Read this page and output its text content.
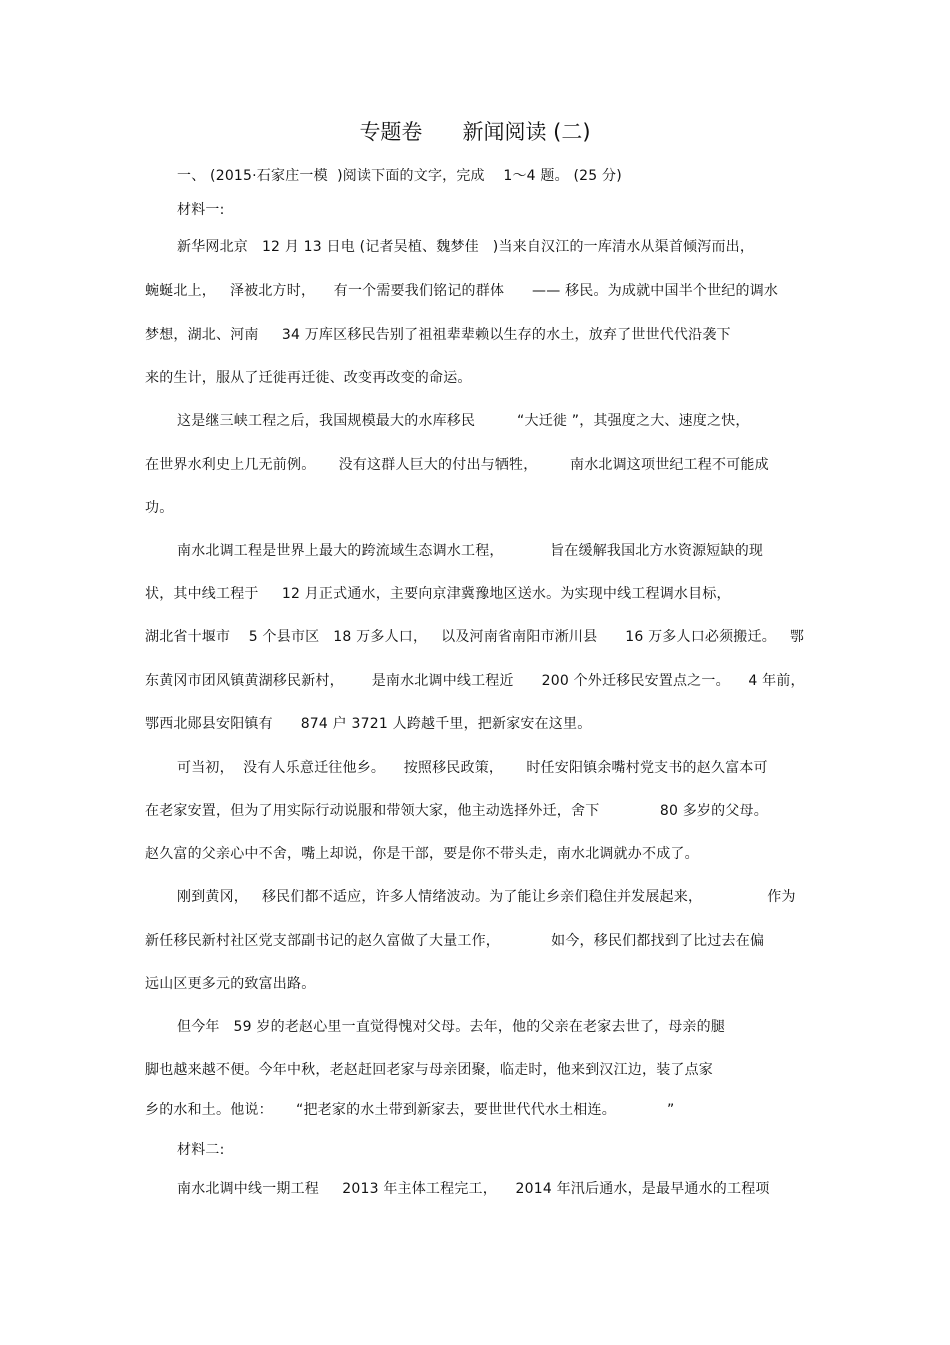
专题卷      新闻阅读 (二)
一、 (2015·石家庄一模  )阅读下面的文字，完成    1～4 题。 (25 分)
材料一:
新华网北京   12 月 13 日电 (记者吴植、魏梦佳   )当来自汉江的一库清水从渠首倾泻而出，
蜿蜒北上，   泽被北方时，    有一个需要我们铭记的群体      —— 移民。为成就中国半个世纪的调水
梦想，湖北、河南     34 万库区移民告别了祖祖辈辈赖以生存的水土，放弃了世世代代沿袭下
来的生计，服从了迁徙再迁徙、改变再改变的命运。
这是继三峡工程之后，我国规模最大的水库移民         “大迁徙 ”，其强度之大、速度之快，
在世界水利史上几无前例。     没有这群人巨大的付出与牺牲，       南水北调这项世纪工程不可能成
功。
南水北调工程是世界上最大的跨流域生态调水工程，          旨在缓解我国北方水资源短缺的现
状，其中线工程于     12 月正式通水，主要向京津冀豫地区送水。为实现中线工程调水目标，
湖北省十堰市    5 个县市区   18 万多人口，   以及河南省南阳市淅川县      16 万多人口必须搬迁。   鄂
东黄冈市团风镇黄湖移民新村，      是南水北调中线工程近      200 个外迁移民安置点之一。    4 年前，
鄂西北郧县安阳镇有      874 户 3721 人跨越千里，把新家安在这里。
可当初，  没有人乐意迁往他乡。    按照移民政策，     时任安阳镇余嘴村党支书的赵久富本可
在老家安置，但为了用实际行动说服和带领大家，他主动选择外迁，舍下             80 多岁的父母。
赵久富的父亲心中不舍，嘴上却说，你是干部，要是你不带头走，南水北调就办不成了。
刚到黄冈，   移民们都不适应，许多人情绪波动。为了能让乡亲们稳住并发展起来，              作为
新任移民新村社区党支部副书记的赵久富做了大量工作，           如今，移民们都找到了比过去在偏
远山区更多元的致富出路。
但今年   59 岁的老赵心里一直觉得愧对父母。去年，他的父亲在老家去世了，母亲的腿
脚也越来越不便。今年中秋，老赵赶回老家与母亲团聚，临走时，他来到汉江边，装了点家
乡的水和土。他说：     “把老家的水土带到新家去，要世世代代水土相连。           ”
材料二:
南水北调中线一期工程     2013 年主体工程完工，    2014 年汛后通水，是最早通水的工程项
